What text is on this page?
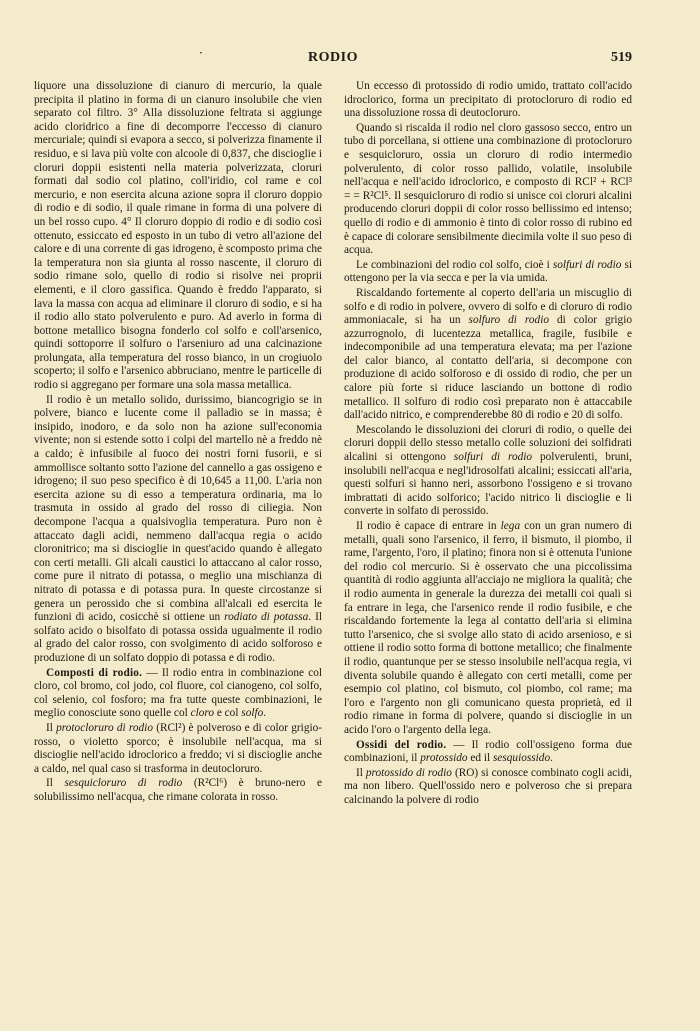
·	RODIO	519

liquore una dissoluzione di cianuro di mercurio, la quale precipita il platino in forma di un cianuro insolubile che vien separato col filtro. 3° Alla dissoluzione feltrata si aggiunge acido cloridrico a fine di decomporre l'eccesso di cianuro mercuriale; quindi si evapora a secco, si polverizza finamente il residuo, e si lava più volte con alcoole di 0,837, che discioglie i cloruri doppii esistenti nella materia polverizzata, cloruri formati dal sodio col platino, coll'iridio, col rame e col mercurio, e non esercita alcuna azione sopra il cloruro doppio di rodio e di sodio, il quale rimane in forma di una polvere di un bel rosso cupo. 4° Il cloruro doppio di rodio e di sodio così ottenuto, essiccato ed esposto in un tubo di vetro all'azione del calore e di una corrente di gas idrogeno, è scomposto prima che la temperatura non sia giunta al rosso nascente, il cloruro di sodio rimane solo, quello di rodio si risolve nei proprii elementi, e il cloro gassifica. Quando è freddo l'apparato, si lava la massa con acqua ad eliminare il cloruro di sodio, e si ha il rodio allo stato polverulento e puro. Ad averlo in forma di bottone metallico bisogna fonderlo col solfo e coll'arsenico, quindi sottoporre il solfuro o l'arseniuro ad una calcinazione prolungata, alla temperatura del rosso bianco, in un crogiuolo scoperto; il solfo e l'arsenico abbruciano, mentre le particelle di rodio si aggregano per formare una sola massa metallica.

Il rodio è un metallo solido, durissimo, biancogrigio se in polvere, bianco e lucente come il palladio se in massa; è insipido, inodoro, e da solo non ha azione sull'economia vivente; non si estende sotto i colpi del martello nè a freddo nè a caldo; è infusibile al fuoco dei nostri forni fusorii, e si ammollisce soltanto sotto l'azione del cannello a gas ossigeno e idrogeno; il suo peso specifico è di 10,645 a 11,00. L'aria non esercita azione su di esso a temperatura ordinaria, ma lo trasmuta in ossido al grado del rosso di ciliegia. Non decompone l'acqua a qualsivoglia temperatura. Puro non è attaccato dagli acidi, nemmeno dall'acqua regia o acido cloronitrico; ma si discioglie in quest'acido quando è allegato con certi metalli. Gli alcali caustici lo attaccano al calor rosso, come pure il nitrato di potassa, o meglio una mischianza di nitrato di potassa e di potassa pura. In queste circostanze si genera un perossido che si combina all'alcali ed esercita le funzioni di acido, cosicchè si ottiene un rodiato di potassa. Il solfato acido o bisolfato di potassa ossida ugualmente il rodio al grado del calor rosso, con svolgimento di acido solforoso e produzione di un solfato doppio di potassa e di rodio.

Composti di rodio. — Il rodio entra in combinazione col cloro, col bromo, col jodo, col fluore, col cianogeno, col solfo, col selenio, col fosforo; ma fra tutte queste combinazioni, le meglio conosciute sono quelle col cloro e col solfo.

Il protocloruro di rodio (RCl²) è polveroso e di color grigio-rosso, o violetto sporco; è insolubile nell'acqua, ma si discioglie nell'acido idroclorico a freddo; vi si discioglie anche a caldo, nel qual caso si trasforma in deutocloruro.

Il sesquicloruro di rodio (R²Cl⁶) è bruno-nero e solubilissimo nell'acqua, che rimane colorata in rosso.

Un eccesso di protossido di rodio umido, trattato coll'acido idroclorico, forma un precipitato di protocloruro di rodio ed una dissoluzione rossa di deutocloruro.

Quando si riscalda il rodio nel cloro gassoso secco, entro un tubo di porcellana, si ottiene una combinazione di protocloruro e sesquicloruro, ossia un cloruro di rodio intermedio polverulento, di color rosso pallido, volatile, insolubile nell'acqua e nell'acido idroclorico, e composto di RCl² + RCl³ = = R²Cl⁵. Il sesquicloruro di rodio si unisce coi cloruri alcalini producendo cloruri doppii di color rosso bellissimo ed intenso; quello di rodio e di ammonio è tinto di color rosso di rubino ed è capace di colorare sensibilmente diecimila volte il suo peso di acqua.

Le combinazioni del rodio col solfo, cioè i solfuri di rodio si ottengono per la via secca e per la via umida.

Riscaldando fortemente al coperto dell'aria un miscuglio di solfo e di rodio in polvere, ovvero di solfo e di cloruro di rodio ammoniacale, si ha un solfuro di rodio di color grigio azzurrognolo, di lucentezza metallica, fragile, fusibile e indecomponibile ad una temperatura elevata; ma per l'azione del calor bianco, al contatto dell'aria, si decompone con produzione di acido solforoso e di ossido di rodio, che per un calore più forte si riduce lasciando un bottone di rodio metallico. Il solfuro di rodio così preparato non è attaccabile dall'acido nitrico, e comprenderebbe 80 di rodio e 20 di solfo.

Mescolando le dissoluzioni dei cloruri di rodio, o quelle dei cloruri doppii dello stesso metallo colle soluzioni dei solfidrati alcalini si ottengono solfuri di rodio polverulenti, bruni, insolubili nell'acqua e negl'idrosolfati alcalini; essiccati all'aria, questi solfuri si hanno neri, assorbono l'ossigeno e si trovano imbrattati di acido solforico; l'acido nitrico li discioglie e li converte in solfato di perossido.

Il rodio è capace di entrare in lega con un gran numero di metalli, quali sono l'arsenico, il ferro, il bismuto, il piombo, il rame, l'argento, l'oro, il platino; finora non si è ottenuta l'unione del rodio col mercurio. Si è osservato che una piccolissima quantità di rodio aggiunta all'acciajo ne migliora la qualità; che il rodio aumenta in generale la durezza dei metalli coi quali si fa entrare in lega, che l'arsenico rende il rodio fusibile, e che riscaldando fortemente la lega al contatto dell'aria si elimina tutto l'arsenico, che si svolge allo stato di acido arsenioso, e si ottiene il rodio sotto forma di bottone metallico; che finalmente il rodio, quantunque per se stesso insolubile nell'acqua regia, vi diventa solubile quando è allegato con certi metalli, come per esempio col platino, col bismuto, col piombo, col rame; ma l'oro e l'argento non gli comunicano questa proprietà, ed il rodio rimane in forma di polvere, quando si discioglie in un acido l'oro o l'argento della lega.

Ossidi del rodio. — Il rodio coll'ossigeno forma due combinazioni, il protossido ed il sesquiossido.

Il protossido di rodio (RO) si conosce combinato cogli acidi, ma non libero. Quell'ossido nero e polveroso che si prepara calcinando la polvere di rodio
